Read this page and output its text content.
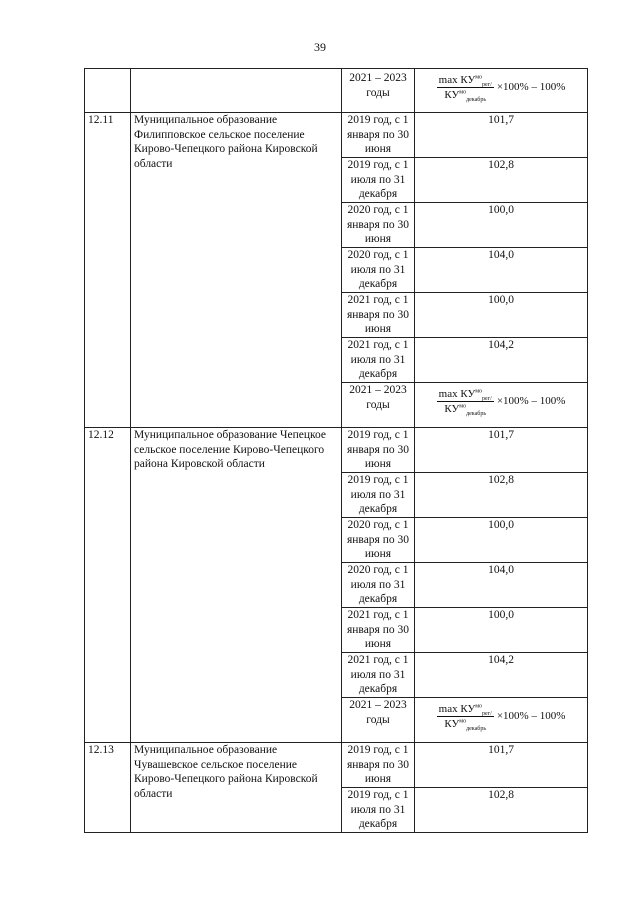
39
		2021 – 2023 годы	$\frac{\max КУ^{мо}_{рег/}}{КУ^{мо}_{декабрь}} \times 100\% - 100\%$

12.11	Муниципальное образование Филипповское сельское поселение Кирово-Чепецкого района Кировской области	2019 год, с 1 января по 30 июня	101,7
		2019 год, с 1 июля по 31 декабря	102,8
		2020 год, с 1 января по 30 июня	100,0
		2020 год, с 1 июля по 31 декабря	104,0
		2021 год, с 1 января по 30 июня	100,0
		2021 год, с 1 июля по 31 декабря	104,2
		2021 – 2023 годы	$\frac{\max КУ^{мо}_{рег/}}{КУ^{мо}_{декабрь}} \times 100\% - 100\%$

12.12	Муниципальное образование Чепецкое сельское поселение Кирово-Чепецкого района Кировской области	2019 год, с 1 января по 30 июня	101,7
		2019 год, с 1 июля по 31 декабря	102,8
		2020 год, с 1 января по 30 июня	100,0
		2020 год, с 1 июля по 31 декабря	104,0
		2021 год, с 1 января по 30 июня	100,0
		2021 год, с 1 июля по 31 декабря	104,2
		2021 – 2023 годы	$\frac{\max КУ^{мо}_{рег/}}{КУ^{мо}_{декабрь}} \times 100\% - 100\%$

12.13	Муниципальное образование Чувашевское сельское поселение Кирово-Чепецкого района Кировской области	2019 год, с 1 января по 30 июня	101,7
		2019 год, с 1 июля по 31 декабря	102,8
